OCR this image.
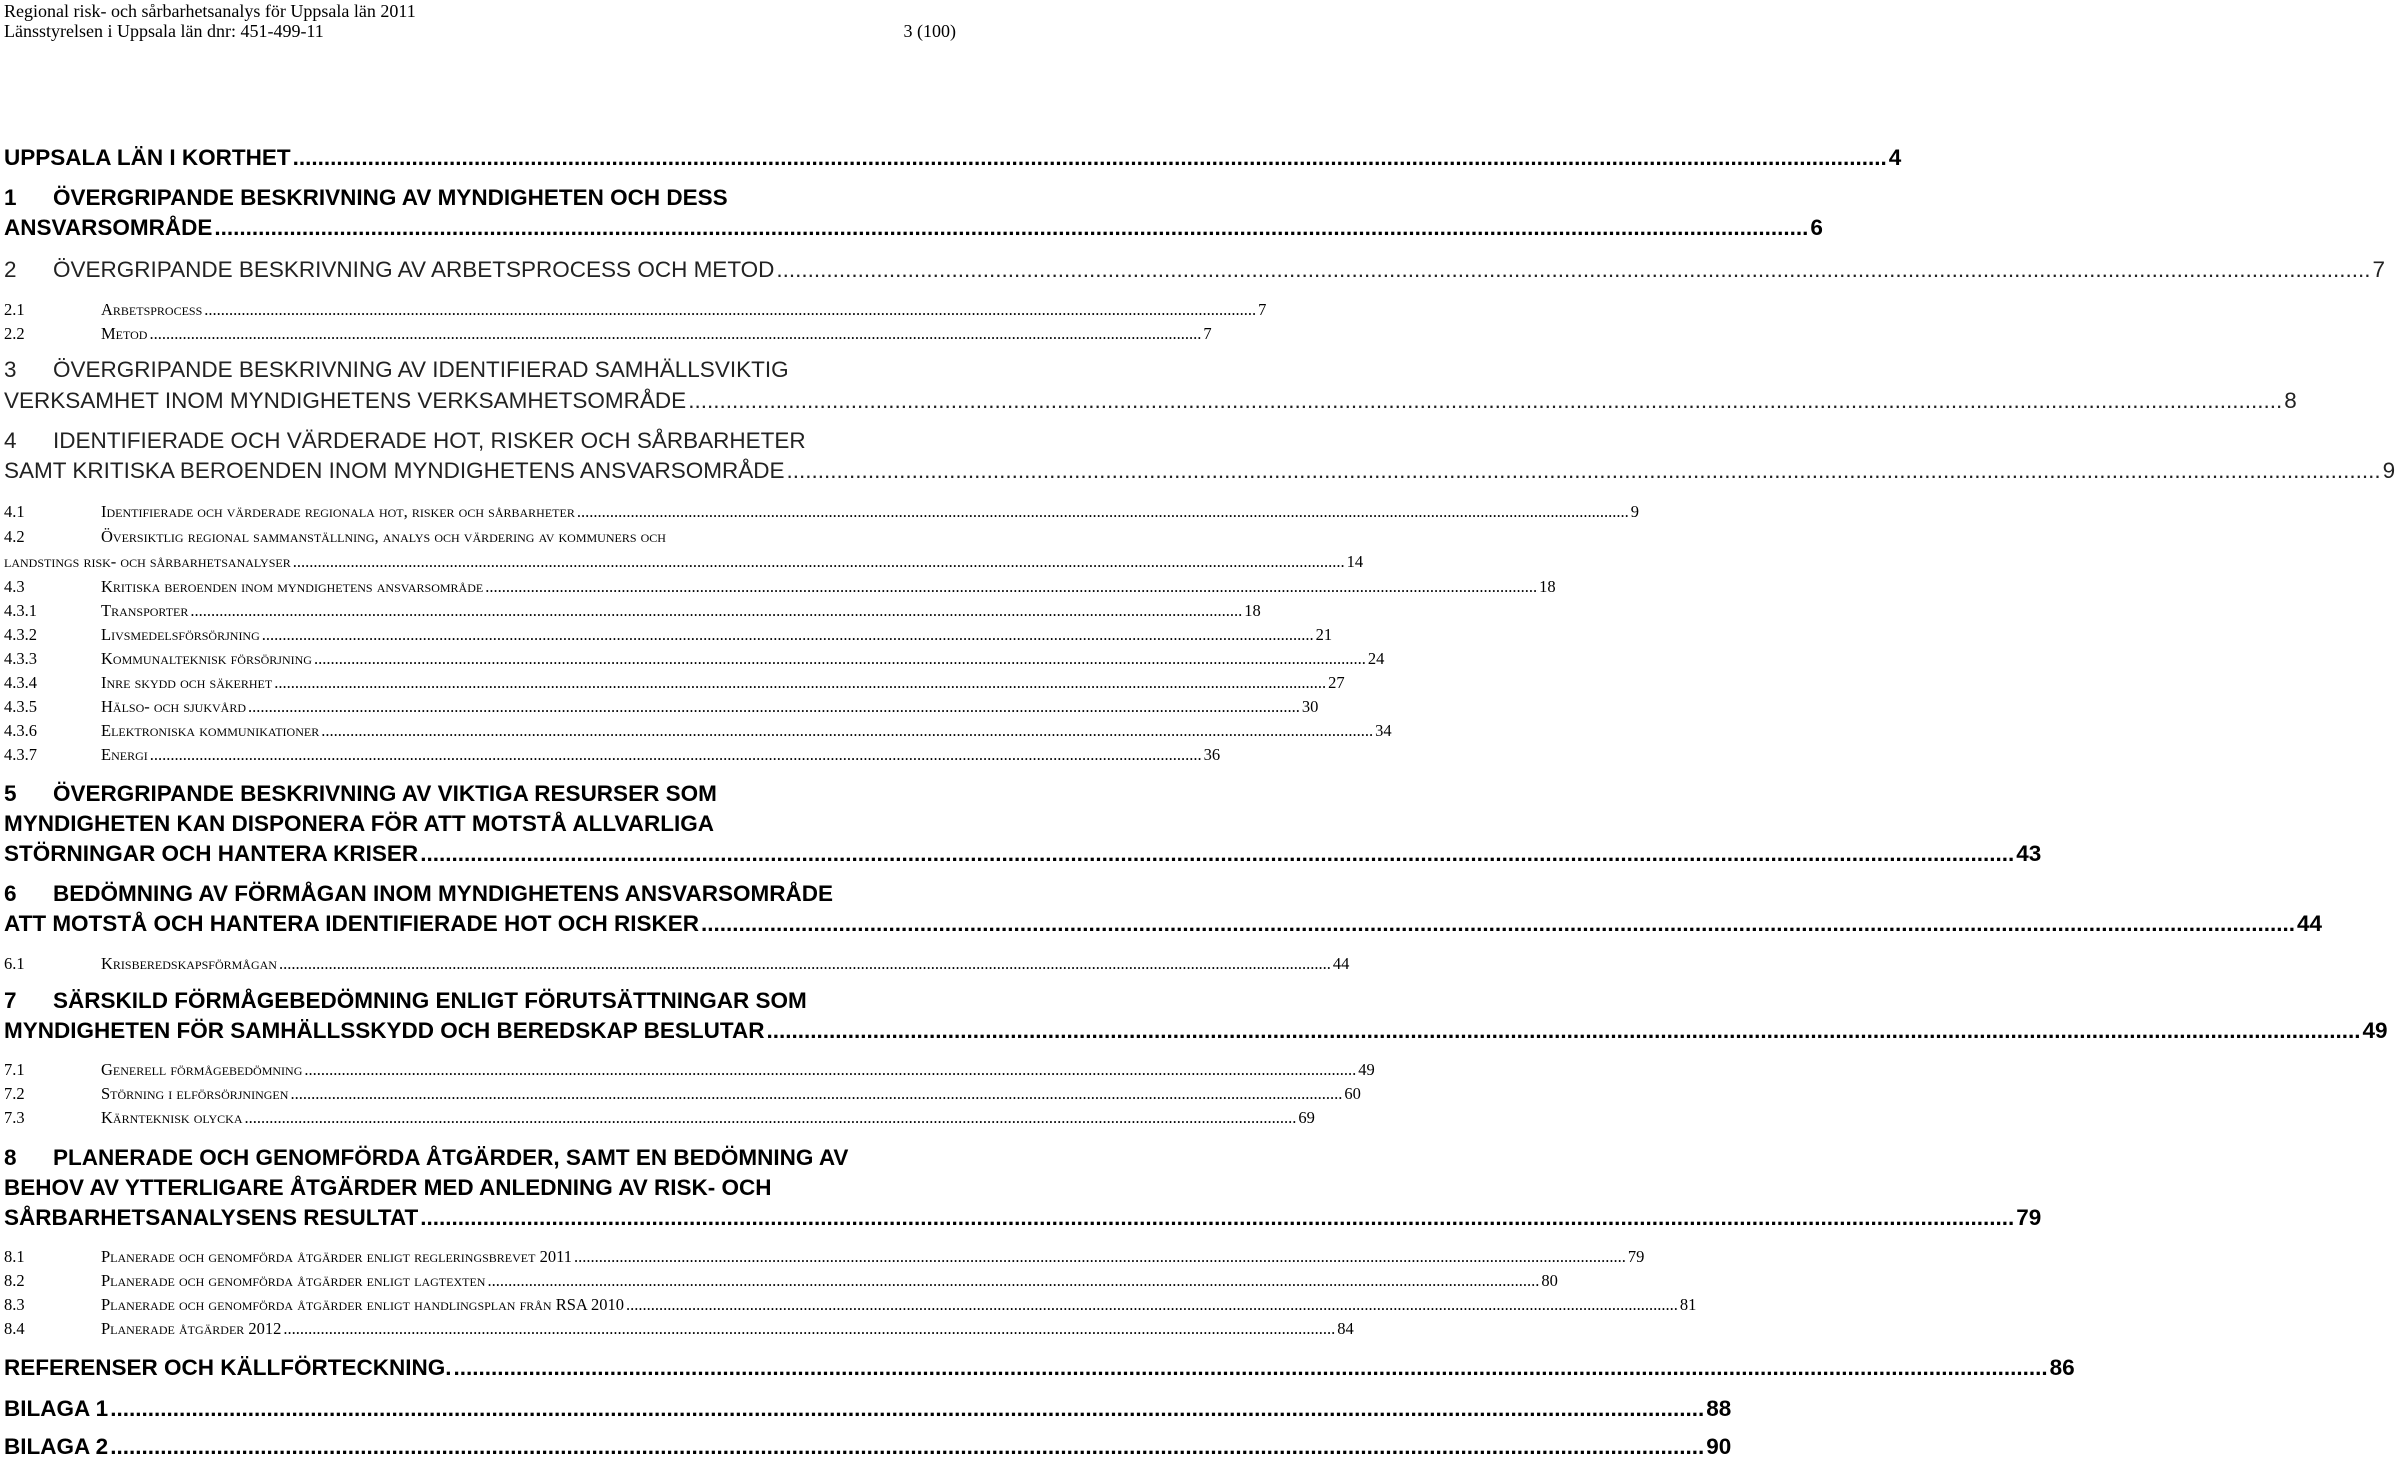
Regional risk- och sårbarhetsanalys för Uppsala län 2011
Länsstyrelsen i Uppsala län dnr: 451-499-11	3 (100)
UPPSALA LÄN I KORTHET .....	4
1 ÖVERGRIPANDE BESKRIVNING AV MYNDIGHETEN OCH DESS
ANSVARSOMRÅDE .....	6
2 ÖVERGRIPANDE BESKRIVNING AV ARBETSPROCESS OCH METOD .....	7
2.1	Arbetsprocess .....	7
2.2	Metod .....	7
3 ÖVERGRIPANDE BESKRIVNING AV IDENTIFIERAD SAMHÄLLSVIKTIG
VERKSAMHET INOM MYNDIGHETENS VERKSAMHETSOMRÅDE .....	8
4 IDENTIFIERADE OCH VÄRDERADE HOT, RISKER OCH SÅRBARHETER
SAMT KRITISKA BEROENDEN INOM MYNDIGHETENS ANSVARSOMRÅDE .....	9
4.1	Identifierade och värderade regionala hot, risker och sårbarheter .....	9
4.2	Översiktlig regional sammanställning, analys och värdering av kommuners och
landstings risk- och sårbarhetsanalyser .....	14
4.3	Kritiska beroenden inom myndighetens ansvarsområde .....	18
4.3.1	Transporter .....	18
4.3.2	Livsmedelsförsörjning .....	21
4.3.3	Kommunalteknisk försörjning .....	24
4.3.4	Inre skydd och säkerhet .....	27
4.3.5	Hälso- och sjukvård .....	30
4.3.6	Elektroniska kommunikationer .....	34
4.3.7	Energi .....	36
5 ÖVERGRIPANDE BESKRIVNING AV VIKTIGA RESURSER SOM
MYNDIGHETEN KAN DISPONERA FÖR ATT MOTSTÅ ALLVARLIGA
STÖRNINGAR OCH HANTERA KRISER .....	43
6 BEDÖMNING AV FÖRMÅGAN INOM MYNDIGHETENS ANSVARSOMRÅDE
ATT MOTSTÅ OCH HANTERA IDENTIFIERADE HOT OCH RISKER .....	44
6.1	Krisberedskapsförmågan .....	44
7 SÄRSKILD FÖRMÅGEBEDÖMNING ENLIGT FÖRUTSÄTTNINGAR SOM
MYNDIGHETEN FÖR SAMHÄLLSSKYDD OCH BEREDSKAP BESLUTAR .....	49
7.1	Generell förmågebedömning .....	49
7.2	Störning i elförsörjningen .....	60
7.3	Kärnteknisk olycka .....	69
8 PLANERADE OCH GENOMFÖRDA ÅTGÄRDER, SAMT EN BEDÖMNING AV
BEHOV AV YTTERLIGARE ÅTGÄRDER MED ANLEDNING AV RISK- OCH
SÅRBARHETSANALYSENS RESULTAT .....	79
8.1	Planerade och genomförda åtgärder enligt regleringsbrevet 2011 .....	79
8.2	Planerade och genomförda åtgärder enligt lagtexten .....	80
8.3	Planerade och genomförda åtgärder enligt handlingsplan från RSA 2010 .....	81
8.4	Planerade åtgärder 2012 .....	84
REFERENSER OCH KÄLLFÖRTECKNING. .....	86
BILAGA 1 .....	88
BILAGA 2 .....	90
